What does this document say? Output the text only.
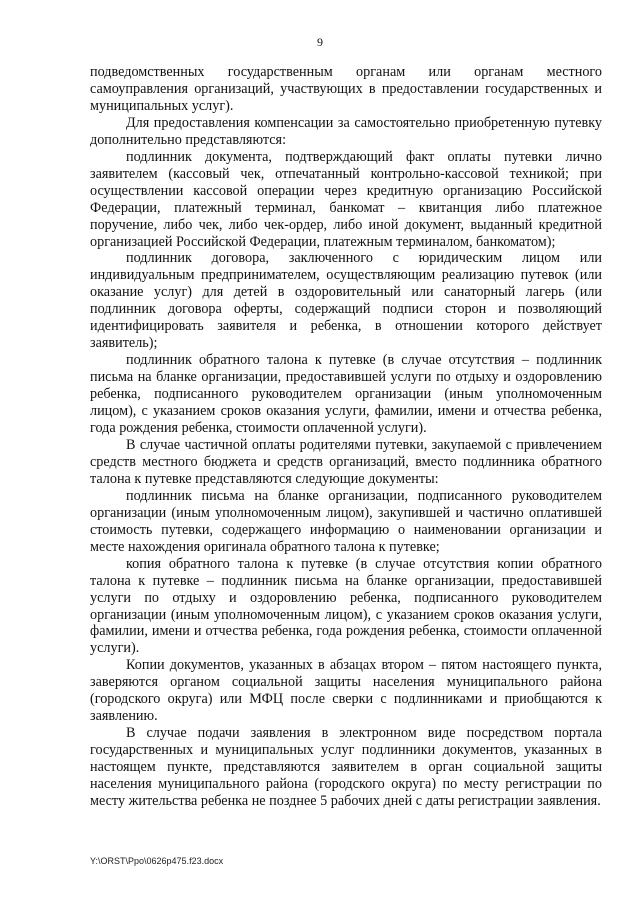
9

подведомственных государственным органам или органам местного самоуправления организаций, участвующих в предоставлении государственных и муниципальных услуг).

Для предоставления компенсации за самостоятельно приобретенную путевку дополнительно представляются:

подлинник документа, подтверждающий факт оплаты путевки лично заявителем (кассовый чек, отпечатанный контрольно-кассовой техникой; при осуществлении кассовой операции через кредитную организацию Российской Федерации, платежный терминал, банкомат – квитанция либо платежное поручение, либо чек, либо чек-ордер, либо иной документ, выданный кредитной организацией Российской Федерации, платежным терминалом, банкоматом);

подлинник договора, заключенного с юридическим лицом или индивидуальным предпринимателем, осуществляющим реализацию путевок (или оказание услуг) для детей в оздоровительный или санаторный лагерь (или подлинник договора оферты, содержащий подписи сторон и позволяющий идентифицировать заявителя и ребенка, в отношении которого действует заявитель);

подлинник обратного талона к путевке (в случае отсутствия – подлинник письма на бланке организации, предоставившей услуги по отдыху и оздоровлению ребенка, подписанного руководителем организации (иным уполномоченным лицом), с указанием сроков оказания услуги, фамилии, имени и отчества ребенка, года рождения ребенка, стоимости оплаченной услуги).

В случае частичной оплаты родителями путевки, закупаемой с привлечением средств местного бюджета и средств организаций, вместо подлинника обратного талона к путевке представляются следующие документы:

подлинник письма на бланке организации, подписанного руководителем организации (иным уполномоченным лицом), закупившей и частично оплатившей стоимость путевки, содержащего информацию о наименовании организации и месте нахождения оригинала обратного талона к путевке;

копия обратного талона к путевке (в случае отсутствия копии обратного талона к путевке – подлинник письма на бланке организации, предоставившей услуги по отдыху и оздоровлению ребенка, подписанного руководителем организации (иным уполномоченным лицом), с указанием сроков оказания услуги, фамилии, имени и отчества ребенка, года рождения ребенка, стоимости оплаченной услуги).

Копии документов, указанных в абзацах втором – пятом настоящего пункта, заверяются органом социальной защиты населения муниципального района (городского округа) или МФЦ после сверки с подлинниками и приобщаются к заявлению.

В случае подачи заявления в электронном виде посредством портала государственных и муниципальных услуг подлинники документов, указанных в настоящем пункте, представляются заявителем в орган социальной защиты населения муниципального района (городского округа) по месту регистрации по месту жительства ребенка не позднее 5 рабочих дней с даты регистрации заявления.

Y:\ORST\Ppo\0626p475.f23.docx
